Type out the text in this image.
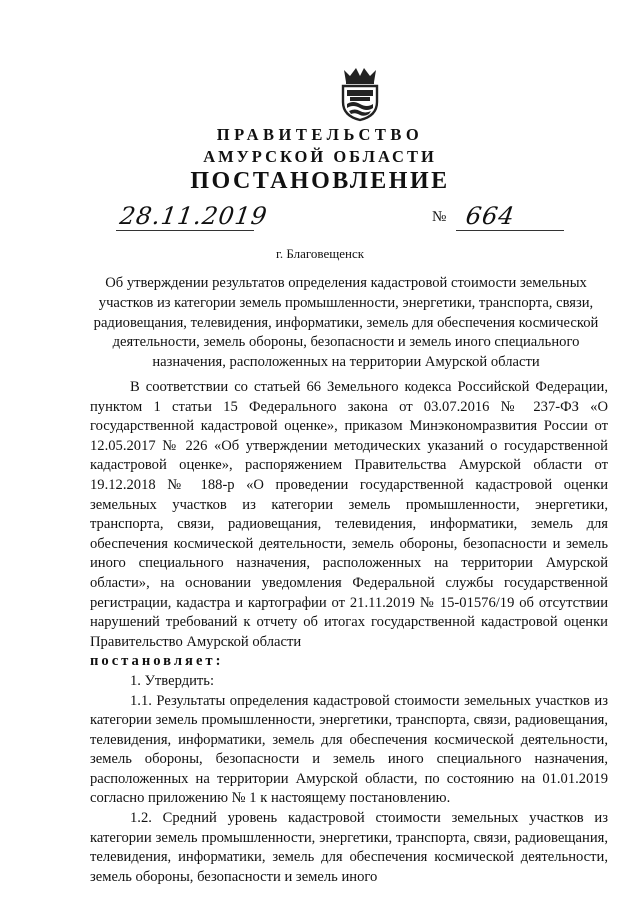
ПРАВИТЕЛЬСТВО
АМУРСКОЙ ОБЛАСТИ
ПОСТАНОВЛЕНИЕ
28.11.2019	№ 664
г. Благовещенск
Об утверждении результатов определения кадастровой стоимости земельных участков из категории земель промышленности, энергетики, транспорта, связи, радиовещания, телевидения, информатики, земель для обеспечения космической деятельности, земель обороны, безопасности и земель иного специального назначения, расположенных на территории Амурской области

В соответствии со статьей 66 Земельного кодекса Российской Федерации, пунктом 1 статьи 15 Федерального закона от 03.07.2016 № 237-ФЗ «О государственной кадастровой оценке», приказом Минэкономразвития России от 12.05.2017 № 226 «Об утверждении методических указаний о государственной кадастровой оценке», распоряжением Правительства Амурской области от 19.12.2018 № 188-р «О проведении государственной кадастровой оценки земельных участков из категории земель промышленности, энергетики, транспорта, связи, радиовещания, телевидения, информатики, земель для обеспечения космической деятельности, земель обороны, безопасности и земель иного специального назначения, расположенных на территории Амурской области», на основании уведомления Федеральной службы государственной регистрации, кадастра и картографии от 21.11.2019 № 15-01576/19 об отсутствии нарушений требований к отчету об итогах государственной кадастровой оценки Правительство Амурской области

постановляет:

1. Утвердить:

1.1. Результаты определения кадастровой стоимости земельных участков из категории земель промышленности, энергетики, транспорта, связи, радиовещания, телевидения, информатики, земель для обеспечения космической деятельности, земель обороны, безопасности и земель иного специального назначения, расположенных на территории Амурской области, по состоянию на 01.01.2019 согласно приложению № 1 к настоящему постановлению.

1.2. Средний уровень кадастровой стоимости земельных участков из категории земель промышленности, энергетики, транспорта, связи, радиовещания, телевидения, информатики, земель для обеспечения космической деятельности, земель обороны, безопасности и земель иного
